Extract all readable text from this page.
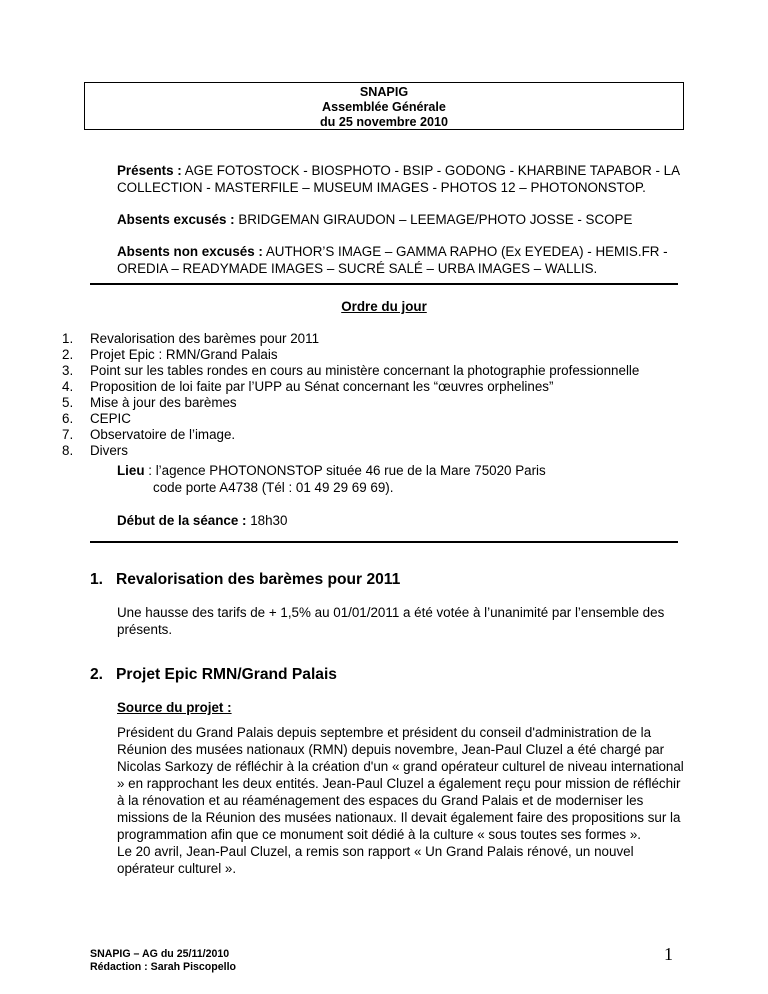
SNAPIG
Assemblée Générale
du 25 novembre 2010
Présents : AGE FOTOSTOCK - BIOSPHOTO - BSIP - GODONG - KHARBINE TAPABOR - LA COLLECTION - MASTERFILE – MUSEUM IMAGES - PHOTOS 12 – PHOTONONSTOP.
Absents excusés : BRIDGEMAN GIRAUDON – LEEMAGE/PHOTO JOSSE - SCOPE
Absents non excusés : AUTHOR’S IMAGE – GAMMA RAPHO (Ex EYEDEA) - HEMIS.FR - OREDIA – READYMADE IMAGES – SUCRÉ SALÉ – URBA IMAGES – WALLIS.
Ordre du jour
1.	Revalorisation des barèmes pour 2011
2.	Projet Epic : RMN/Grand Palais
3.	Point sur les tables rondes en cours au ministère concernant la photographie professionnelle
4.	Proposition de loi faite par l’UPP au Sénat concernant les “œuvres orphelines”
5.	Mise à jour des barèmes
6.	CEPIC
7.	Observatoire de l’image.
8.	Divers
Lieu : l’agence PHOTONONSTOP située 46 rue de la Mare 75020 Paris
code porte A4738 (Tél : 01 49 29 69 69).
Début de la séance : 18h30
1. Revalorisation des barèmes pour 2011
Une hausse des tarifs de + 1,5% au 01/01/2011 a été votée à l’unanimité par l’ensemble des présents.
2. Projet Epic RMN/Grand Palais
Source du projet :
Président du Grand Palais depuis septembre et président du conseil d'administration de la Réunion des musées nationaux (RMN) depuis novembre, Jean-Paul Cluzel a été chargé par Nicolas Sarkozy de réfléchir à la création d'un « grand opérateur culturel de niveau international » en rapprochant les deux entités. Jean-Paul Cluzel a également reçu pour mission de réfléchir à la rénovation et au réaménagement des espaces du Grand Palais et de moderniser les missions de la Réunion des musées nationaux. Il devait également faire des propositions sur la programmation afin que ce monument soit dédié à la culture « sous toutes ses formes ».
Le 20 avril, Jean-Paul Cluzel, a remis son rapport « Un Grand Palais rénové, un nouvel opérateur culturel ».
SNAPIG – AG du 25/11/2010
Rédaction : Sarah Piscopello
1
